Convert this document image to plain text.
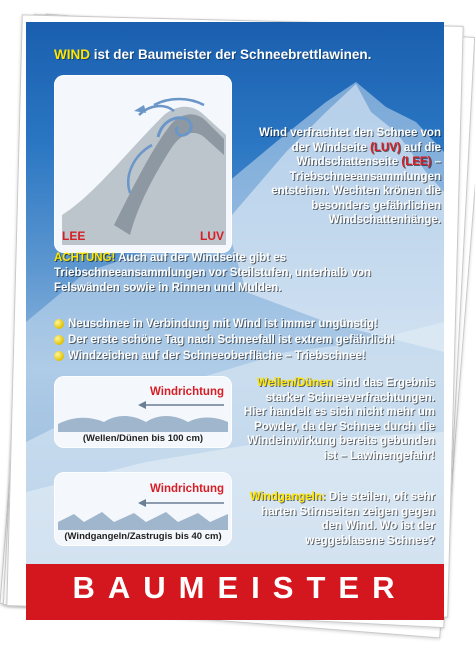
WIND ist der Baumeister der Schneebrettlawinen.
LEE	LUV
Wind verfrachtet den Schnee von der Windseite (LUV) auf die Windschattenseite (LEE) – Triebschneeansammlungen entstehen. Wechten krönen die besonders gefährlichen Windschattenhänge.
ACHTUNG! Auch auf der Windseite gibt es Triebschneeansammlungen vor Steilstufen, unterhalb von Felswänden sowie in Rinnen und Mulden.
Neuschnee in Verbindung mit Wind ist immer ungünstig!
Der erste schöne Tag nach Schneefall ist extrem gefährlich!
Windzeichen auf der Schneeoberfläche – Triebschnee!
Windrichtung
(Wellen/Dünen bis 100 cm)
Windrichtung
(Windgangeln/Zastrugis bis 40 cm)
Wellen/Dünen sind das Ergebnis starker Schneeverfrachtungen. Hier handelt es sich nicht mehr um Powder, da der Schnee durch die Windeinwirkung bereits gebunden ist – Lawinengefahr!
Windgangeln: Die steilen, oft sehr harten Stirnseiten zeigen gegen den Wind. Wo ist der weggeblasene Schnee?
BAUMEISTER
